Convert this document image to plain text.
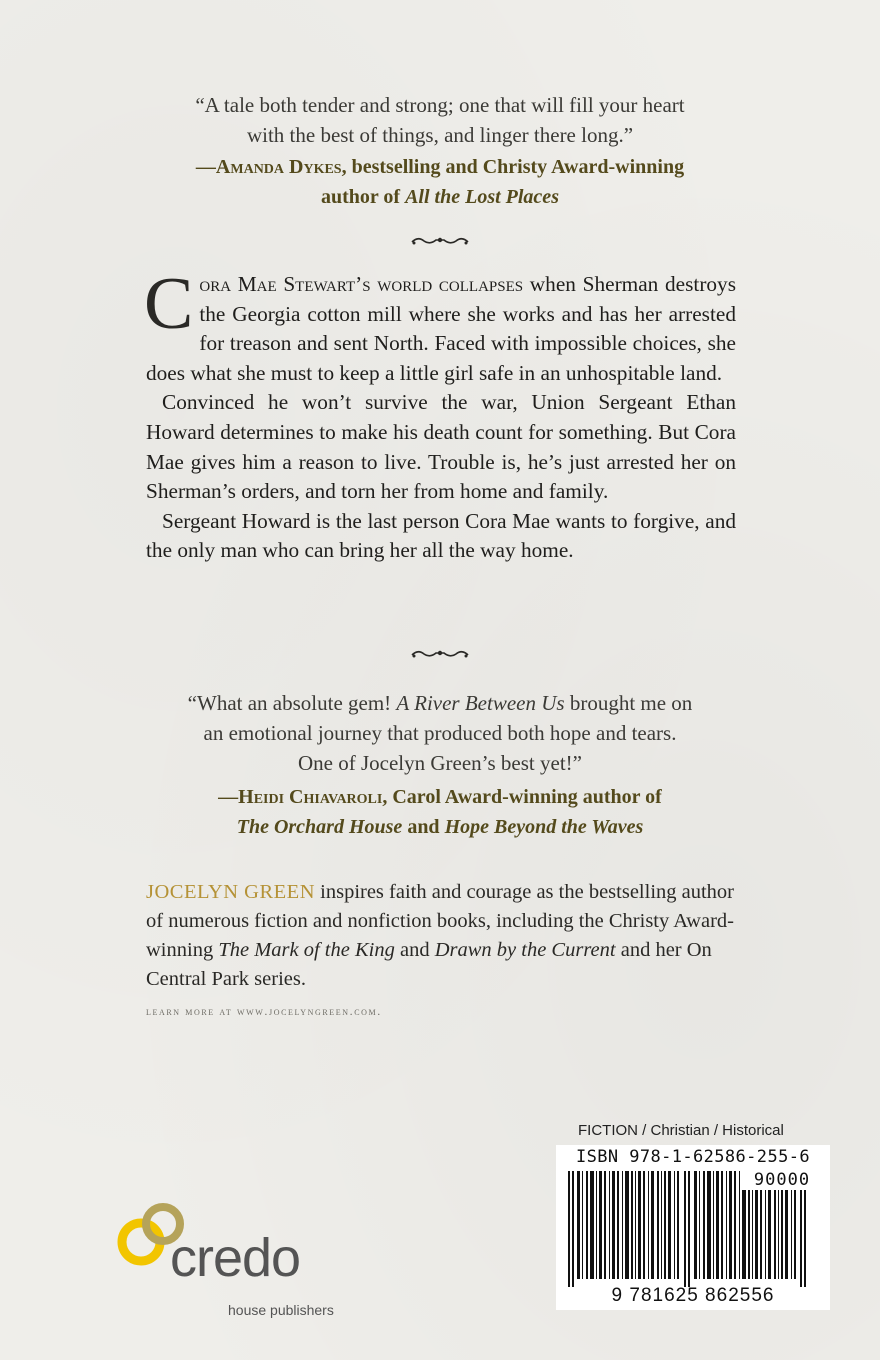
“A tale both tender and strong; one that will fill your heart
with the best of things, and linger there long.”
—Amanda Dykes, bestselling and Christy Award-winning
author of All the Lost Places

Cora Mae Stewart’s world collapses when Sherman destroys the Georgia cotton mill where she works and has her arrested for treason and sent North. Faced with impossible choices, she does what she must to keep a little girl safe in an unhospitable land.

Convinced he won’t survive the war, Union Sergeant Ethan Howard determines to make his death count for something. But Cora Mae gives him a reason to live. Trouble is, he’s just arrested her on Sherman’s orders, and torn her from home and family.

Sergeant Howard is the last person Cora Mae wants to forgive, and the only man who can bring her all the way home.

“What an absolute gem! A River Between Us brought me on
an emotional journey that produced both hope and tears.
One of Jocelyn Green’s best yet!”
—Heidi Chiavaroli, Carol Award-winning author of
The Orchard House and Hope Beyond the Waves
JOCELYN GREEN inspires faith and courage as the bestselling author of numerous fiction and nonfiction books, including the Christy Award-winning The Mark of the King and Drawn by the Current and her On Central Park series.
learn more at www.jocelyngreen.com.
FICTION / Christian / Historical
ISBN 978-1-62586-255-6
90000
9 781625 862556
credo
house publishers
